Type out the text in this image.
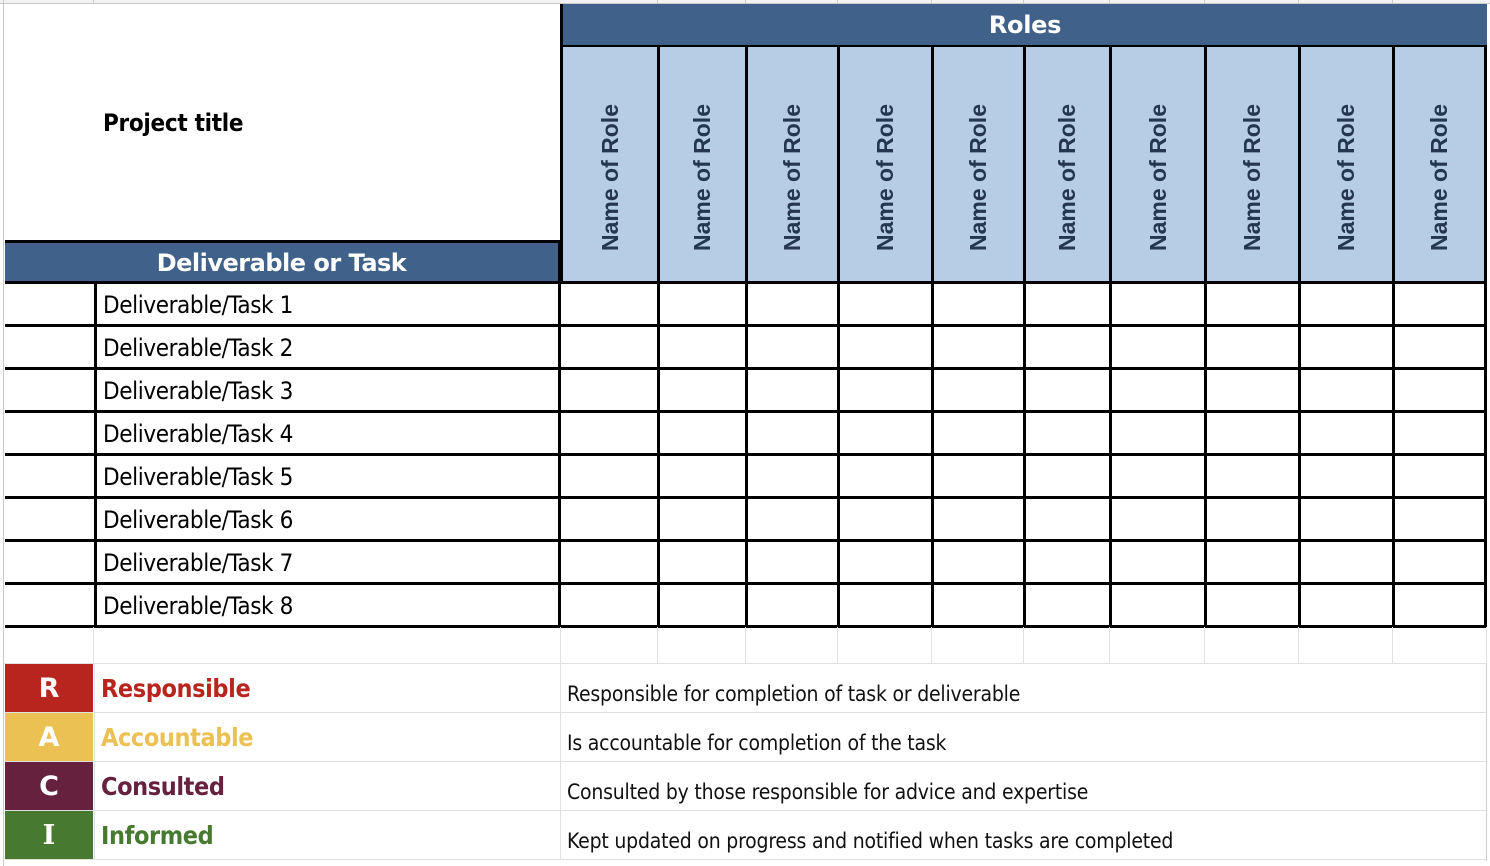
Project title
Deliverable or Task
Roles
Name of Role	Name of Role	Name of Role	Name of Role	Name of Role	Name of Role	Name of Role	Name of Role	Name of Role	Name of Role
Deliverable/Task 1
Deliverable/Task 2
Deliverable/Task 3
Deliverable/Task 4
Deliverable/Task 5
Deliverable/Task 6
Deliverable/Task 7
Deliverable/Task 8
R	Responsible	Responsible for completion of task or deliverable
A	Accountable	Is accountable for completion of the task
C	Consulted	Consulted by those responsible for advice and expertise
I	Informed	Kept updated on progress and notified when tasks are completed
